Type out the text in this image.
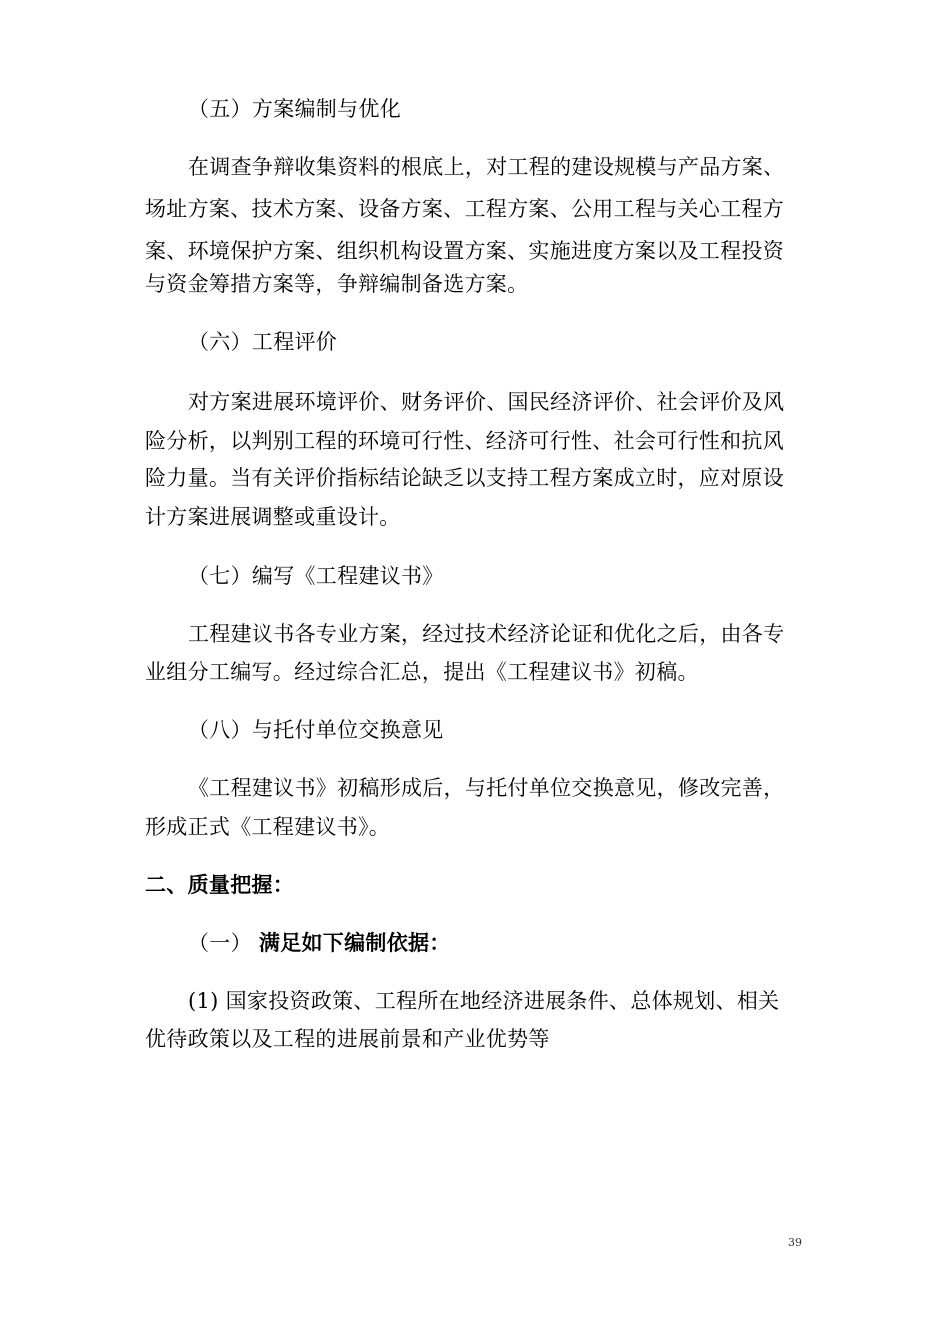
（五）方案编制与优化
在调查争辩收集资料的根底上，对工程的建设规模与产品方案、
场址方案、技术方案、设备方案、工程方案、公用工程与关心工程方
案、环境保护方案、组织机构设置方案、实施进度方案以及工程投资
与资金筹措方案等，争辩编制备选方案。
（六）工程评价
对方案进展环境评价、财务评价、国民经济评价、社会评价及风
险分析，以判别工程的环境可行性、经济可行性、社会可行性和抗风
险力量。当有关评价指标结论缺乏以支持工程方案成立时，应对原设
计方案进展调整或重设计。
（七）编写《工程建议书》
工程建议书各专业方案，经过技术经济论证和优化之后，由各专
业组分工编写。经过综合汇总，提出《工程建议书》初稿。
（八）与托付单位交换意见
《工程建议书》初稿形成后，与托付单位交换意见，修改完善，
形成正式《工程建议书》。
二、质量把握：
（一） 满足如下编制依据：
(1) 国家投资政策、工程所在地经济进展条件、总体规划、相关
优待政策以及工程的进展前景和产业优势等
39
